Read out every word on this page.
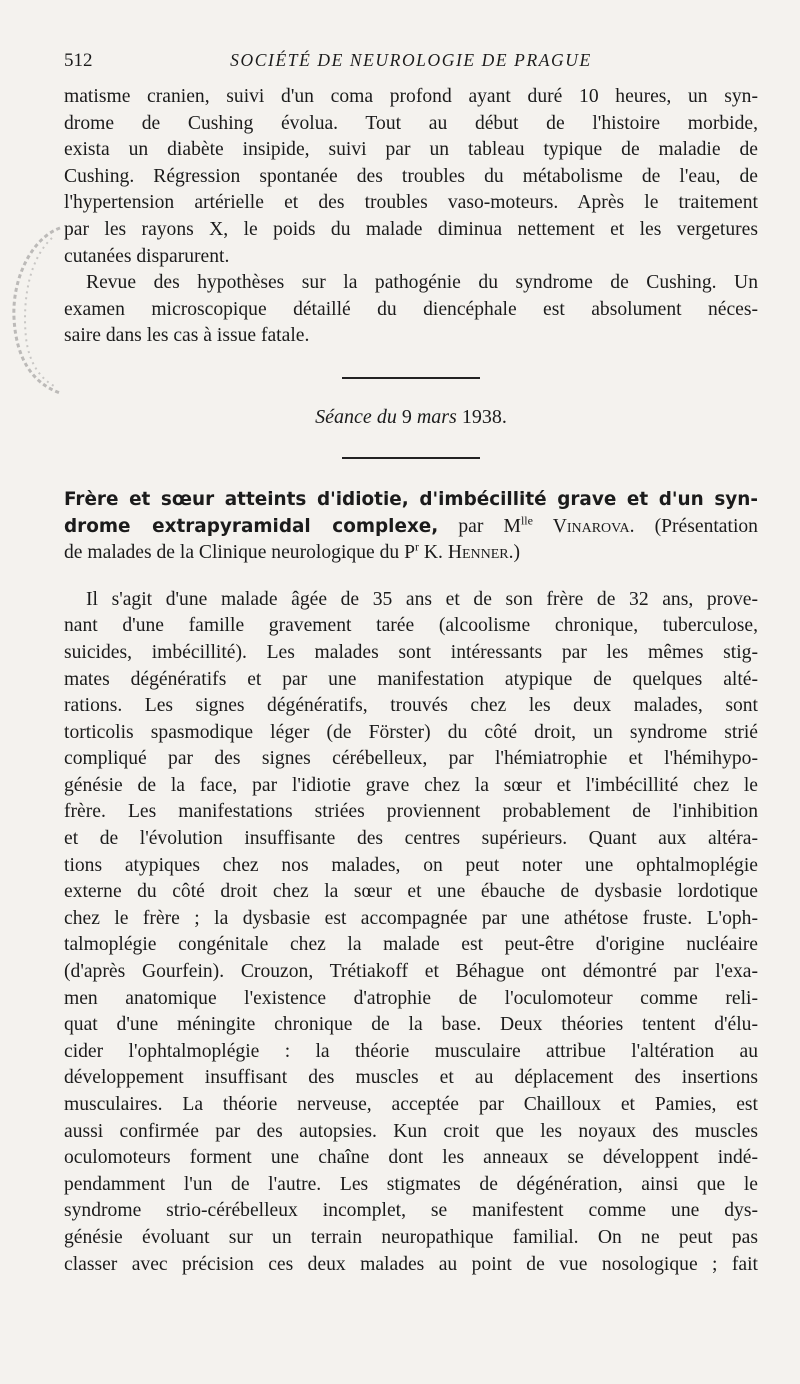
512	SOCIÉTÉ DE NEUROLOGIE DE PRAGUE

matisme cranien, suivi d'un coma profond ayant duré 10 heures, un syn-
drome de Cushing évolua. Tout au début de l'histoire morbide,
exista un diabète insipide, suivi par un tableau typique de maladie de
Cushing. Régression spontanée des troubles du métabolisme de l'eau, de
l'hypertension artérielle et des troubles vaso-moteurs. Après le traitement
par les rayons X, le poids du malade diminua nettement et les vergetures
cutanées disparurent.

Revue des hypothèses sur la pathogénie du syndrome de Cushing. Un
examen microscopique détaillé du diencéphale est absolument néces-
saire dans les cas à issue fatale.

Séance du 9 mars 1938.

Frère et sœur atteints d'idiotie, d'imbécillité grave et d'un syn-
drome extrapyramidal complexe, par $M^{lle}$ Vinarova. (Présentation
de malades de la Clinique neurologique du $P^r$ K. Henner.)

Il s'agit d'une malade âgée de 35 ans et de son frère de 32 ans, prove-
nant d'une famille gravement tarée (alcoolisme chronique, tuberculose,
suicides, imbécillité). Les malades sont intéressants par les mêmes stig-
mates dégénératifs et par une manifestation atypique de quelques alté-
rations. Les signes dégénératifs, trouvés chez les deux malades, sont
torticolis spasmodique léger (de Förster) du côté droit, un syndrome strié
compliqué par des signes cérébelleux, par l'hémiatrophie et l'hémihypo-
génésie de la face, par l'idiotie grave chez la sœur et l'imbécillité chez le
frère. Les manifestations striées proviennent probablement de l'inhibition
et de l'évolution insuffisante des centres supérieurs. Quant aux altéra-
tions atypiques chez nos malades, on peut noter une ophtalmoplégie
externe du côté droit chez la sœur et une ébauche de dysbasie lordotique
chez le frère ; la dysbasie est accompagnée par une athétose fruste. L'oph-
talmoplégie congénitale chez la malade est peut-être d'origine nucléaire
(d'après Gourfein). Crouzon, Trétiakoff et Béhague ont démontré par l'exa-
men anatomique l'existence d'atrophie de l'oculomoteur comme reli-
quat d'une méningite chronique de la base. Deux théories tentent d'élu-
cider l'ophtalmoplégie : la théorie musculaire attribue l'altération au
développement insuffisant des muscles et au déplacement des insertions
musculaires. La théorie nerveuse, acceptée par Chailloux et Pamies, est
aussi confirmée par des autopsies. Kun croit que les noyaux des muscles
oculomoteurs forment une chaîne dont les anneaux se développent indé-
pendamment l'un de l'autre. Les stigmates de dégénération, ainsi que le
syndrome strio-cérébelleux incomplet, se manifestent comme une dys-
génésie évoluant sur un terrain neuropathique familial. On ne peut pas
classer avec précision ces deux malades au point de vue nosologique ; fait
